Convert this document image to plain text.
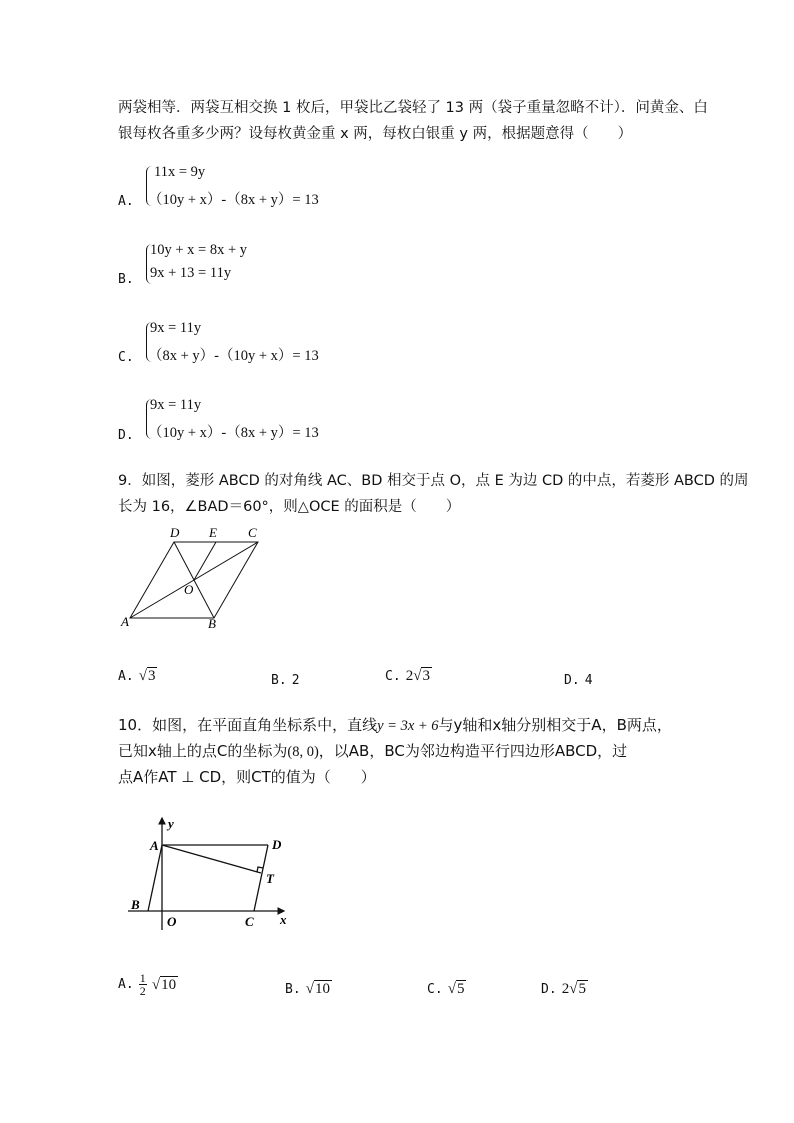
两袋相等．两袋互相交换 1 枚后，甲袋比乙袋轻了 13 两（袋子重量忽略不计）．问黄金、白
银每枚各重多少两？设每枚黄金重 x 两，每枚白银重 y 两，根据题意得（　　）
A.
11x = 9y
（10y + x）-（8x + y）= 13
B.
10y + x = 8x + y
9x + 13 = 11y
C.
9x = 11y
（8x + y）-（10y + x）= 13
D.
9x = 11y
（10y + x）-（8x + y）= 13
9．如图，菱形 ABCD 的对角线 AC、BD 相交于点 O，点 E 为边 CD 的中点，若菱形 ABCD 的周
长为 16，∠BAD＝60°，则△OCE 的面积是（　　）
A	B
C
D E
O
A. √3	B. 2	C. 2√3	D. 4
10．如图，在平面直角坐标系中，直线y = 3x + 6与y轴和x轴分别相交于A，B两点，
已知x轴上的点C的坐标为(8, 0)，以AB，BC为邻边构造平行四边形ABCD，过
点A作AT ⊥ CD，则CT的值为（　　）
y
x
A
B
O	C
D
T
A. $\frac{1}{2} √10$	B. √10	C. √5	D. 2√5
